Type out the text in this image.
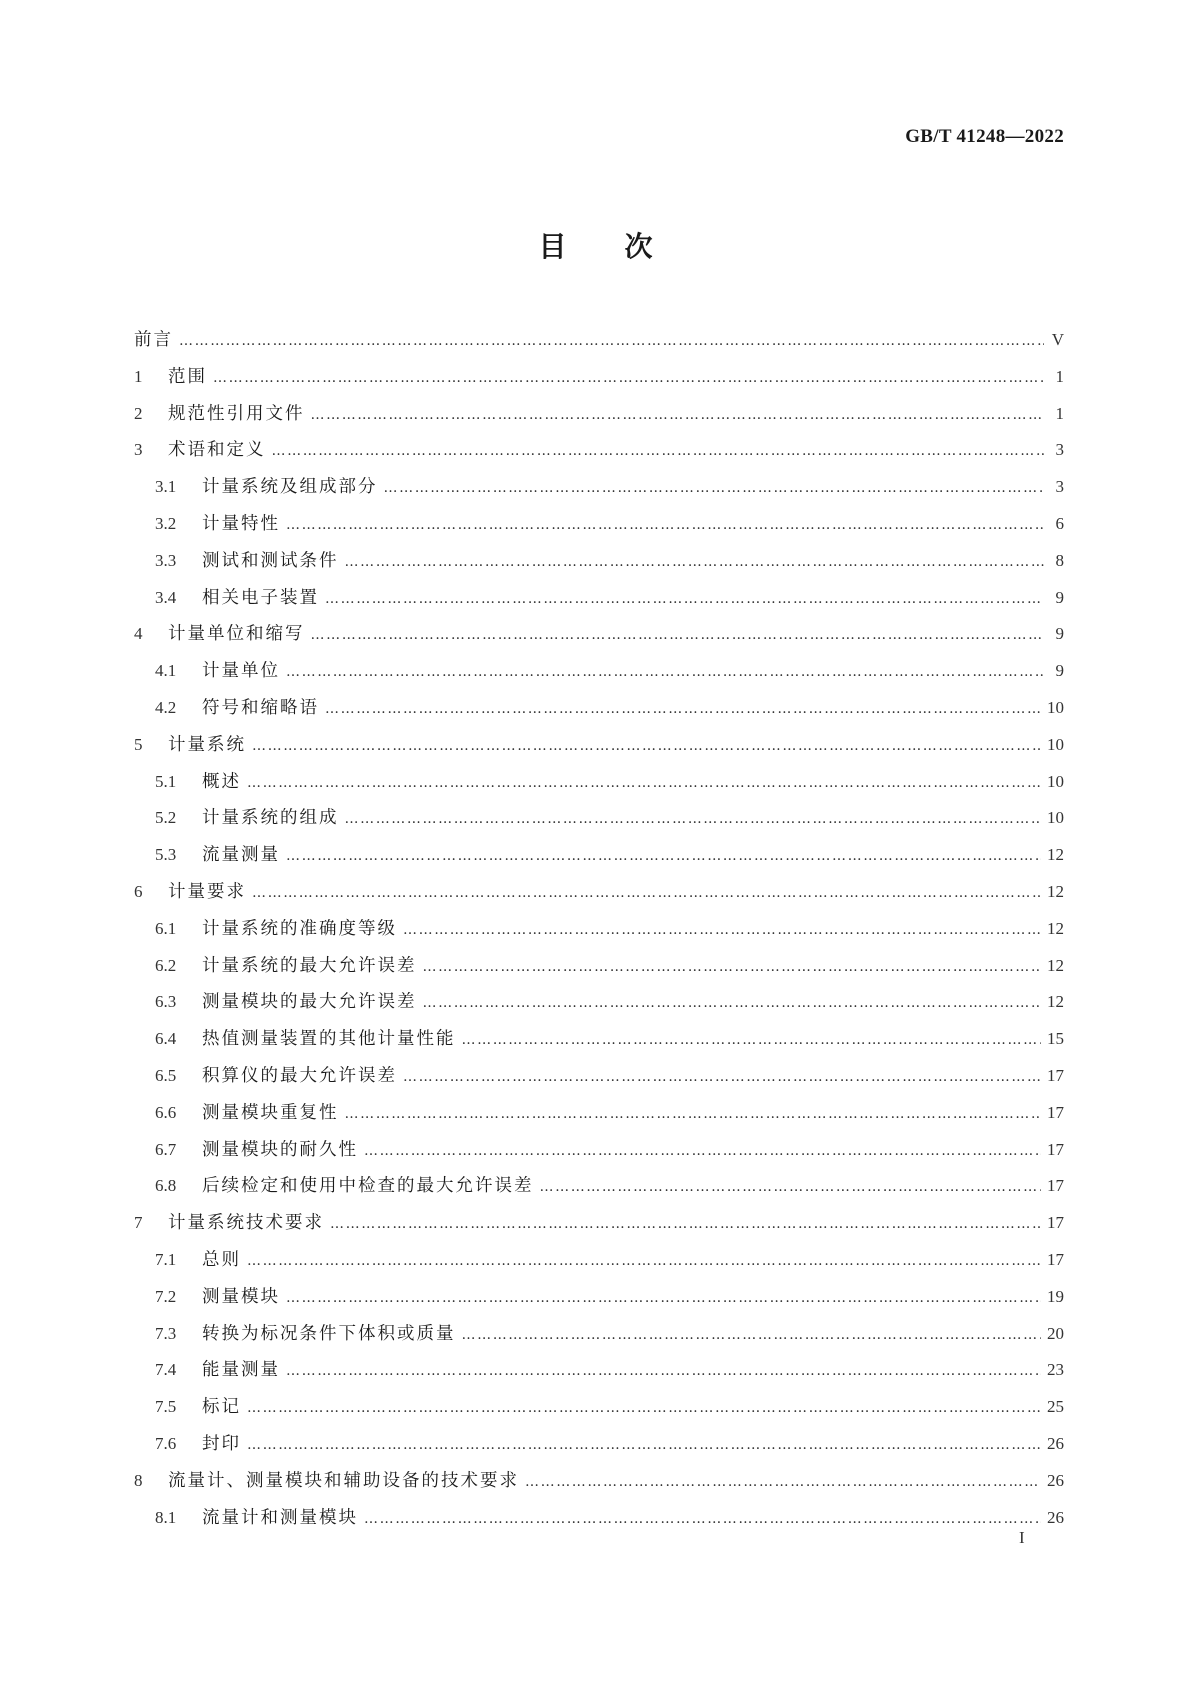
GB/T 41248—2022
目次
前言 …………………………………………………………………………………………………………………………………………………………………………………………………………………………………………………………………………	V
1	范围 …………………………………………………………………………………………………………………………………………………………………………………………………………………………………………………………………………	1
2	规范性引用文件 …………………………………………………………………………………………………………………………………………………………………………………………………………………………………………………………………………	1
3	术语和定义 …………………………………………………………………………………………………………………………………………………………………………………………………………………………………………………………………………	3
3.1	计量系统及组成部分 …………………………………………………………………………………………………………………………………………………………………………………………………………………………………………………………………………	3
3.2	计量特性 …………………………………………………………………………………………………………………………………………………………………………………………………………………………………………………………………………	6
3.3	测试和测试条件 …………………………………………………………………………………………………………………………………………………………………………………………………………………………………………………………………………	8
3.4	相关电子装置 …………………………………………………………………………………………………………………………………………………………………………………………………………………………………………………………………………	9
4	计量单位和缩写 …………………………………………………………………………………………………………………………………………………………………………………………………………………………………………………………………………	9
4.1	计量单位 …………………………………………………………………………………………………………………………………………………………………………………………………………………………………………………………………………	9
4.2	符号和缩略语 …………………………………………………………………………………………………………………………………………………………………………………………………………………………………………………………………………	10
5	计量系统 …………………………………………………………………………………………………………………………………………………………………………………………………………………………………………………………………………	10
5.1	概述 …………………………………………………………………………………………………………………………………………………………………………………………………………………………………………………………………………	10
5.2	计量系统的组成 …………………………………………………………………………………………………………………………………………………………………………………………………………………………………………………………………………	10
5.3	流量测量 …………………………………………………………………………………………………………………………………………………………………………………………………………………………………………………………………………	12
6	计量要求 …………………………………………………………………………………………………………………………………………………………………………………………………………………………………………………………………………	12
6.1	计量系统的准确度等级 …………………………………………………………………………………………………………………………………………………………………………………………………………………………………………………………………………	12
6.2	计量系统的最大允许误差 …………………………………………………………………………………………………………………………………………………………………………………………………………………………………………………………………………	12
6.3	测量模块的最大允许误差 …………………………………………………………………………………………………………………………………………………………………………………………………………………………………………………………………………	12
6.4	热值测量装置的其他计量性能 …………………………………………………………………………………………………………………………………………………………………………………………………………………………………………………………………………	15
6.5	积算仪的最大允许误差 …………………………………………………………………………………………………………………………………………………………………………………………………………………………………………………………………………	17
6.6	测量模块重复性 …………………………………………………………………………………………………………………………………………………………………………………………………………………………………………………………………………	17
6.7	测量模块的耐久性 …………………………………………………………………………………………………………………………………………………………………………………………………………………………………………………………………………	17
6.8	后续检定和使用中检查的最大允许误差 …………………………………………………………………………………………………………………………………………………………………………………………………………………………………………………………………………	17
7	计量系统技术要求 …………………………………………………………………………………………………………………………………………………………………………………………………………………………………………………………………………	17
7.1	总则 …………………………………………………………………………………………………………………………………………………………………………………………………………………………………………………………………………	17
7.2	测量模块 …………………………………………………………………………………………………………………………………………………………………………………………………………………………………………………………………………	19
7.3	转换为标况条件下体积或质量 …………………………………………………………………………………………………………………………………………………………………………………………………………………………………………………………………………	20
7.4	能量测量 …………………………………………………………………………………………………………………………………………………………………………………………………………………………………………………………………………	23
7.5	标记 …………………………………………………………………………………………………………………………………………………………………………………………………………………………………………………………………………	25
7.6	封印 …………………………………………………………………………………………………………………………………………………………………………………………………………………………………………………………………………	26
8	流量计、测量模块和辅助设备的技术要求 …………………………………………………………………………………………………………………………………………………………………………………………………………………………………………………………………………	26
8.1	流量计和测量模块 …………………………………………………………………………………………………………………………………………………………………………………………………………………………………………………………………………	26
I
